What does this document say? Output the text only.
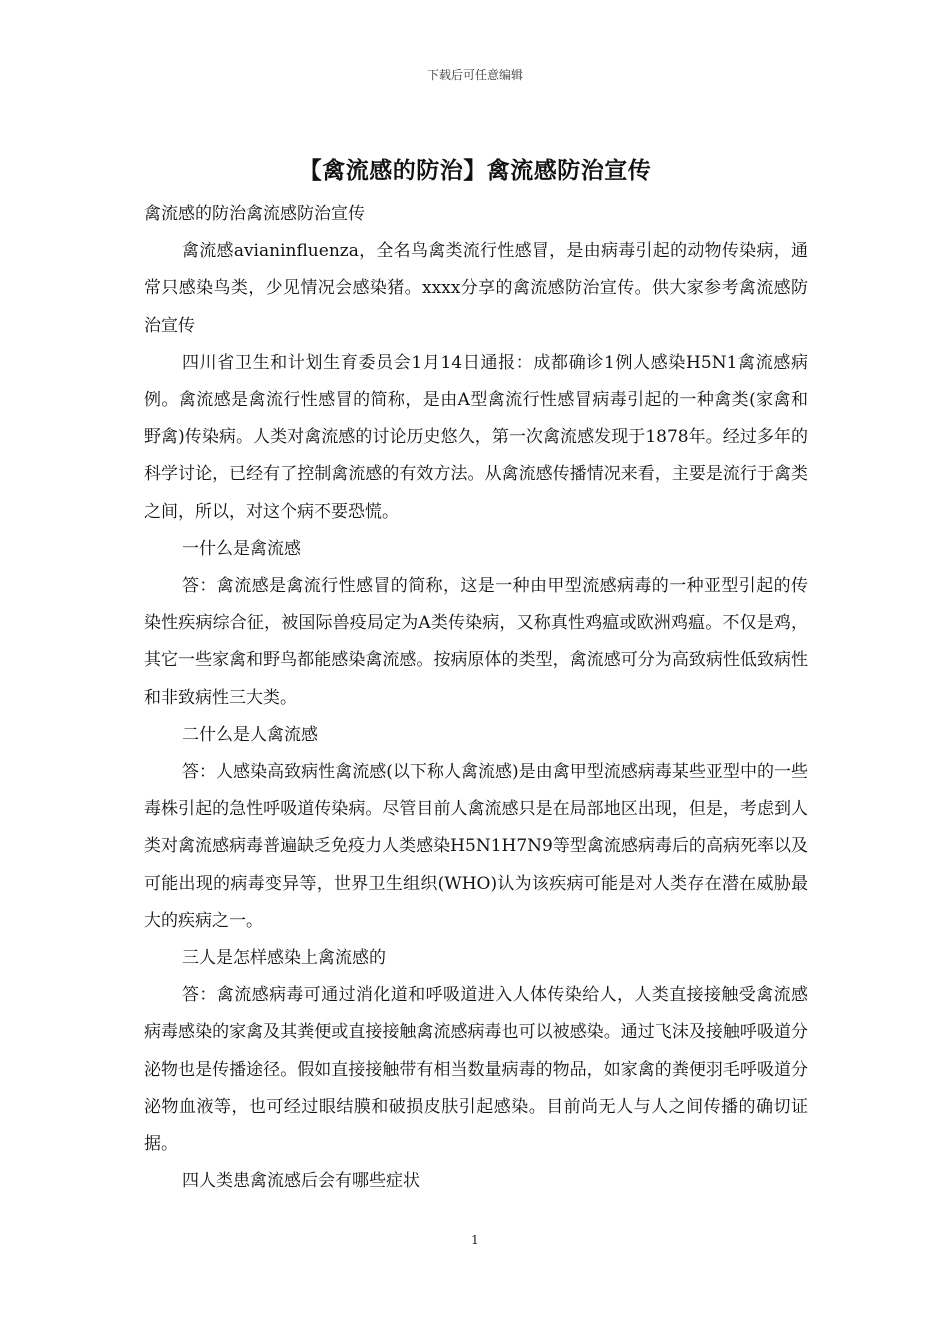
下载后可任意编辑
【禽流感的防治】禽流感防治宣传

禽流感的防治禽流感防治宣传

禽流感avianinfluenza，全名鸟禽类流行性感冒，是由病毒引起的动物传染病，通常只感染鸟类，少见情况会感染猪。xxxx分享的禽流感防治宣传。供大家参考禽流感防治宣传

四川省卫生和计划生育委员会1月14日通报：成都确诊1例人感染H5N1禽流感病例。禽流感是禽流行性感冒的简称，是由A型禽流行性感冒病毒引起的一种禽类(家禽和野禽)传染病。人类对禽流感的讨论历史悠久，第一次禽流感发现于1878年。经过多年的科学讨论，已经有了控制禽流感的有效方法。从禽流感传播情况来看，主要是流行于禽类之间，所以，对这个病不要恐慌。

一什么是禽流感

答：禽流感是禽流行性感冒的简称，这是一种由甲型流感病毒的一种亚型引起的传染性疾病综合征，被国际兽疫局定为A类传染病，又称真性鸡瘟或欧洲鸡瘟。不仅是鸡，其它一些家禽和野鸟都能感染禽流感。按病原体的类型，禽流感可分为高致病性低致病性和非致病性三大类。

二什么是人禽流感

答：人感染高致病性禽流感(以下称人禽流感)是由禽甲型流感病毒某些亚型中的一些毒株引起的急性呼吸道传染病。尽管目前人禽流感只是在局部地区出现，但是，考虑到人类对禽流感病毒普遍缺乏免疫力人类感染H5N1H7N9等型禽流感病毒后的高病死率以及可能出现的病毒变异等，世界卫生组织(WHO)认为该疾病可能是对人类存在潜在威胁最大的疾病之一。

三人是怎样感染上禽流感的

答：禽流感病毒可通过消化道和呼吸道进入人体传染给人，人类直接接触受禽流感病毒感染的家禽及其粪便或直接接触禽流感病毒也可以被感染。通过飞沫及接触呼吸道分泌物也是传播途径。假如直接接触带有相当数量病毒的物品，如家禽的粪便羽毛呼吸道分泌物血液等，也可经过眼结膜和破损皮肤引起感染。目前尚无人与人之间传播的确切证据。

四人类患禽流感后会有哪些症状

1
